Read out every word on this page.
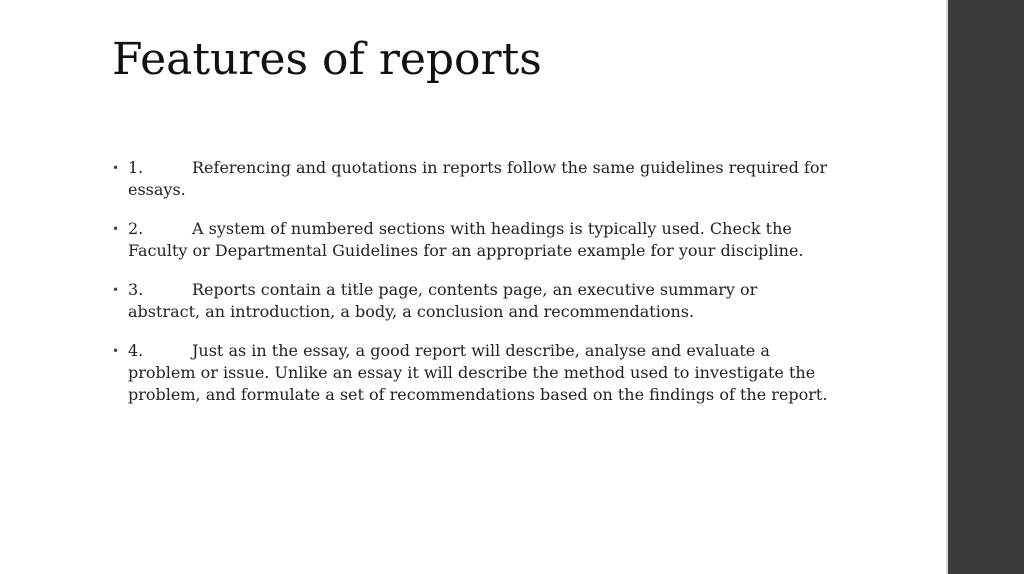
Features of reports
• 1.	Referencing and quotations in reports follow the same guidelines required for essays.
• 2.	A system of numbered sections with headings is typically used. Check the Faculty or Departmental Guidelines for an appropriate example for your discipline.
• 3.	Reports contain a title page, contents page, an executive summary or abstract, an introduction, a body, a conclusion and recommendations.
• 4.	Just as in the essay, a good report will describe, analyse and evaluate a problem or issue. Unlike an essay it will describe the method used to investigate the problem, and formulate a set of recommendations based on the findings of the report.
